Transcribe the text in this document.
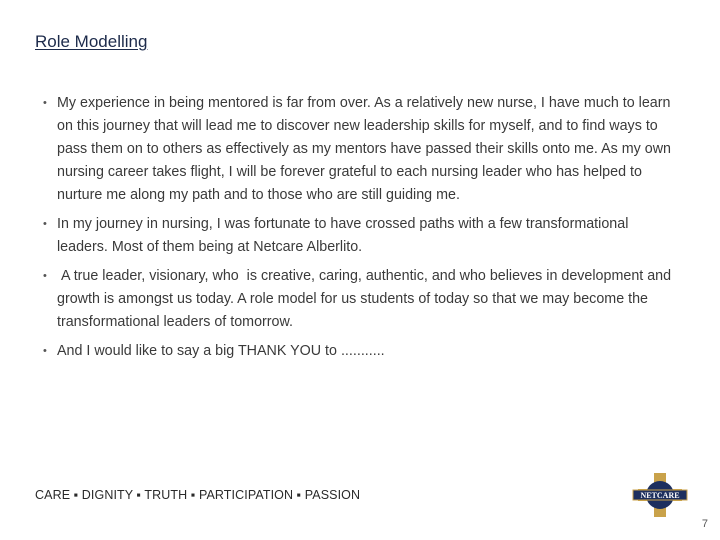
Role Modelling
• My experience in being mentored is far from over. As a relatively new nurse, I have much to learn on this journey that will lead me to discover new leadership skills for myself, and to find ways to pass them on to others as effectively as my mentors have passed their skills onto me. As my own nursing career takes flight, I will be forever grateful to each nursing leader who has helped to nurture me along my path and to those who are still guiding me.
• In my journey in nursing, I was fortunate to have crossed paths with a few transformational leaders. Most of them being at Netcare Alberlito.
• A true leader, visionary, who  is creative, caring, authentic, and who believes in development and growth is amongst us today. A role model for us students of today so that we may become the transformational leaders of tomorrow.
• And I would like to say a big THANK YOU to ...........
CARE ▪ DIGNITY ▪ TRUTH ▪ PARTICIPATION ▪ PASSION	NETCARE
7
